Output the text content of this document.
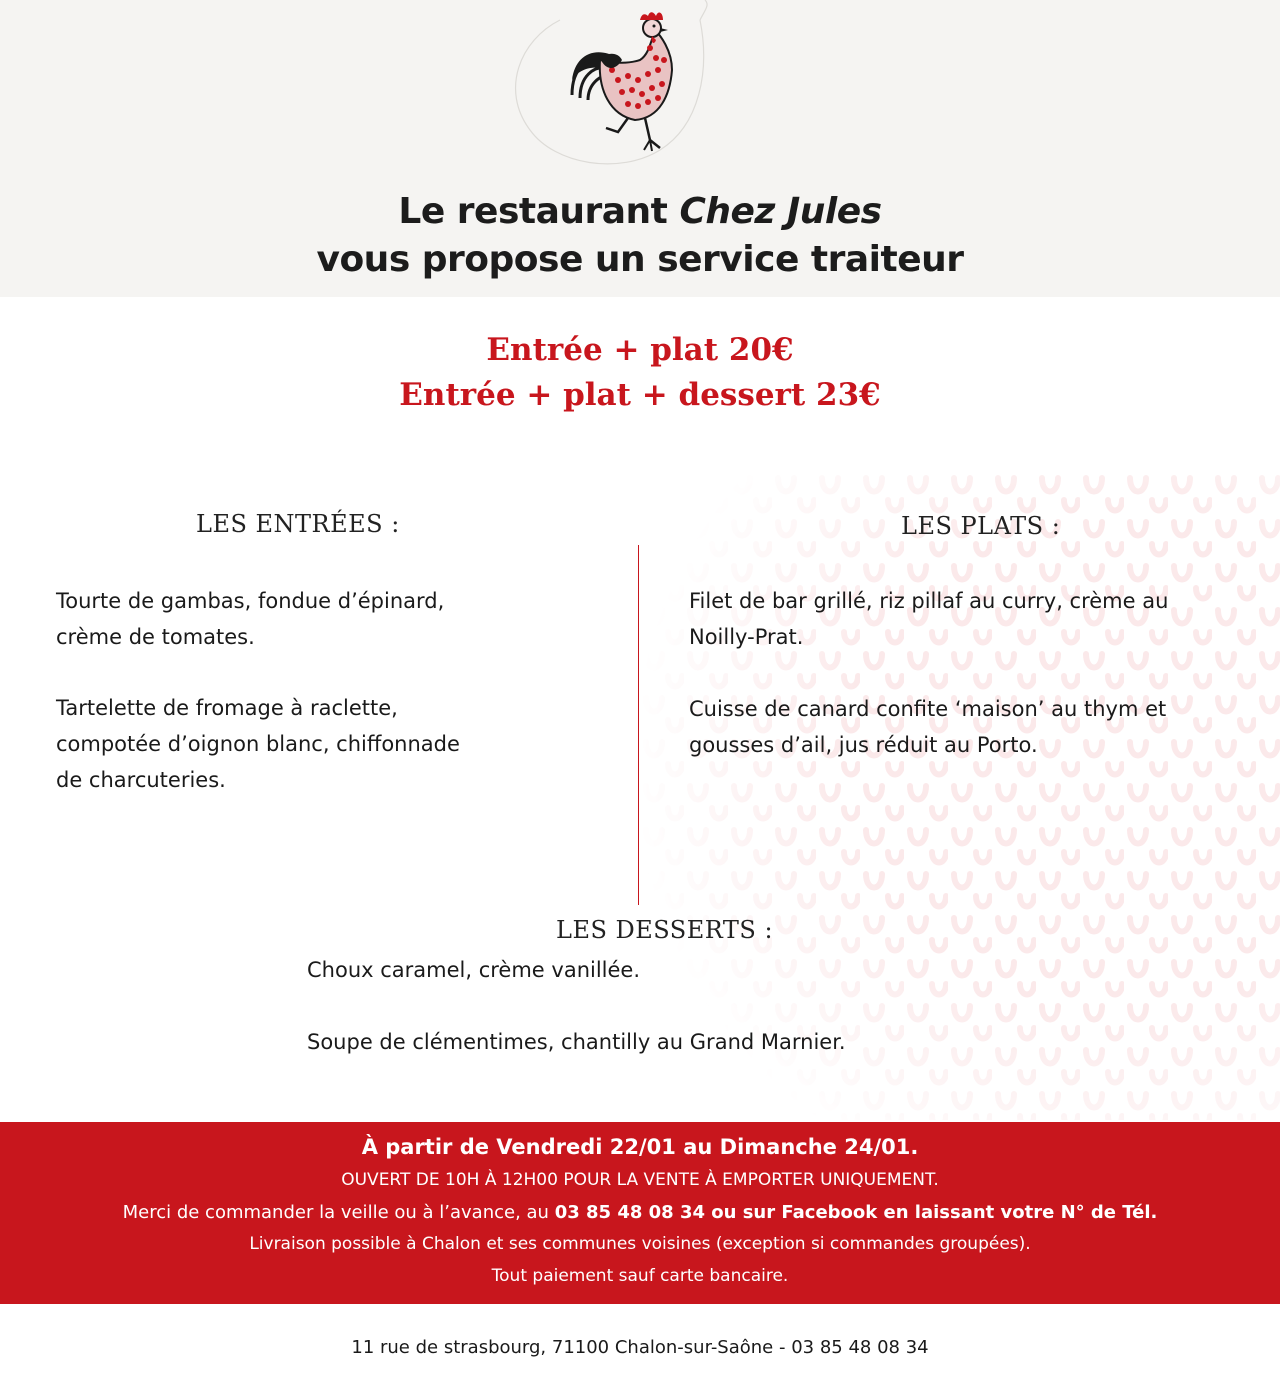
Le restaurant Chez Jules
vous propose un service traiteur
Entrée + plat 20€
Entrée + plat + dessert 23€
LES ENTRÉES :	LES PLATS :
Tourte de gambas, fondue d’épinard,
crème de tomates.
Tartelette de fromage à raclette,
compotée d’oignon blanc, chiffonnade
de charcuteries.
Filet de bar grillé, riz pillaf au curry, crème au
Noilly-Prat.
Cuisse de canard confite ‘maison’ au thym et
gousses d’ail, jus réduit au Porto.
LES DESSERTS :
Choux caramel, crème vanillée.
Soupe de clémentimes, chantilly au Grand Marnier.
À partir de Vendredi 22/01 au Dimanche 24/01.
OUVERT DE 10H À 12H00 POUR LA VENTE À EMPORTER UNIQUEMENT.
Merci de commander la veille ou à l’avance, au 03 85 48 08 34 ou sur Facebook en laissant votre N° de Tél.
Livraison possible à Chalon et ses communes voisines (exception si commandes groupées).
Tout paiement sauf carte bancaire.
11 rue de strasbourg, 71100 Chalon-sur-Saône - 03 85 48 08 34
